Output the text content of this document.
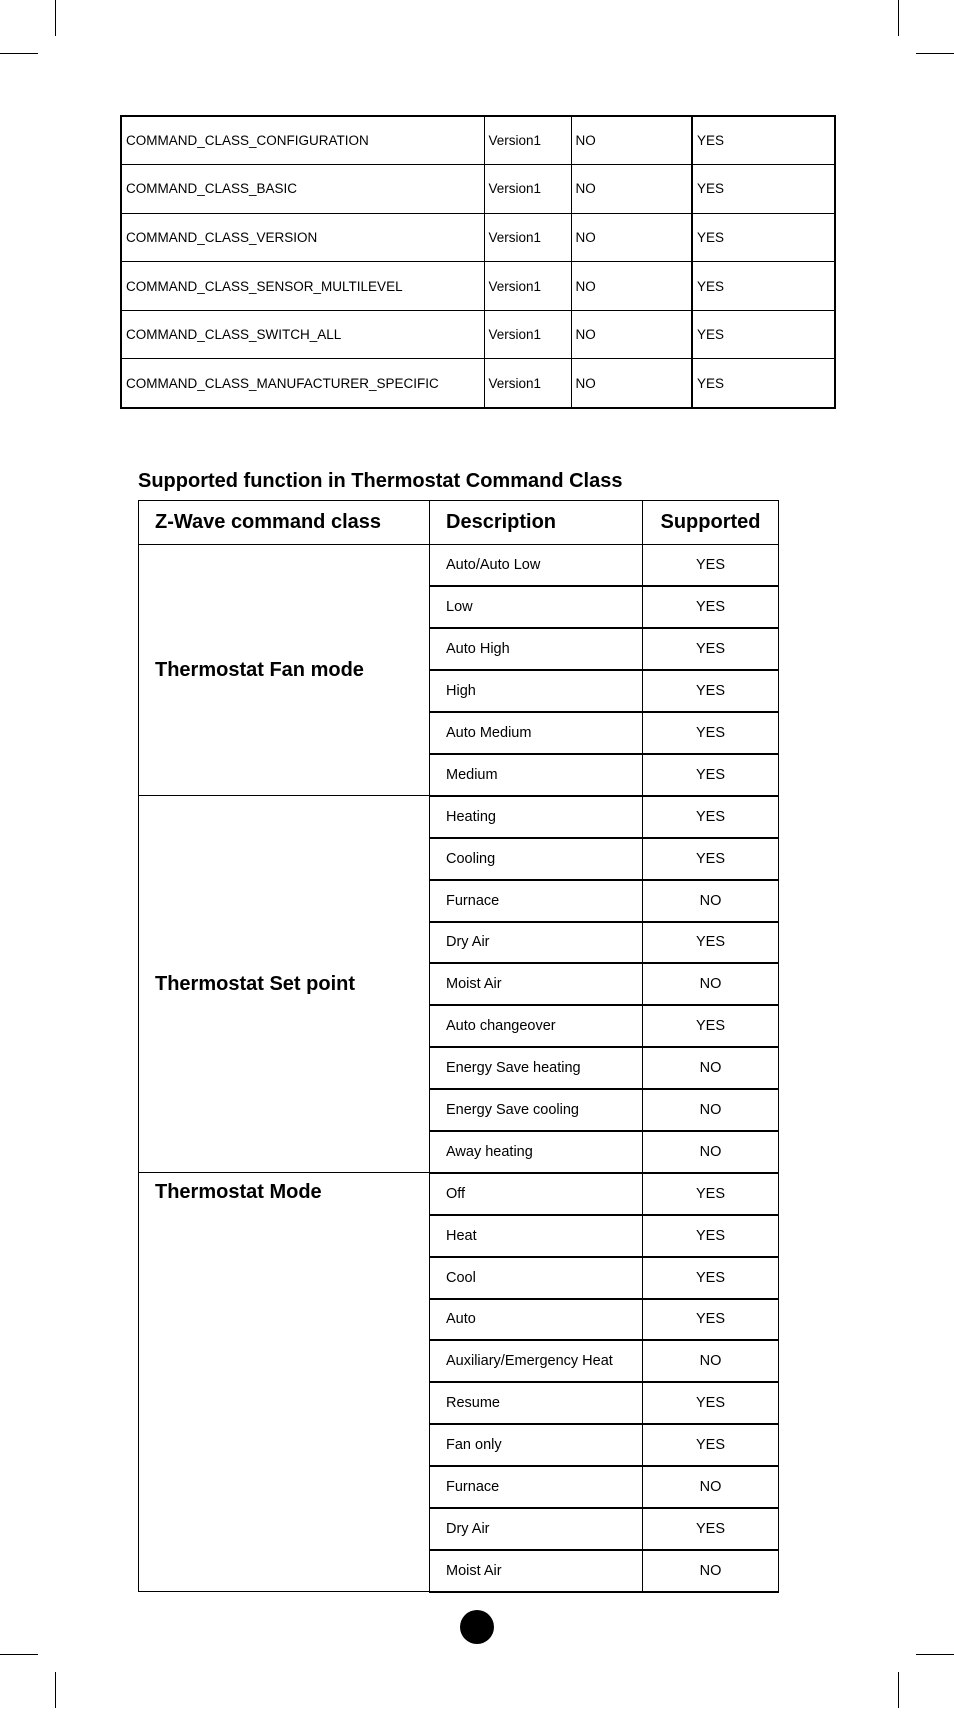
COMMAND_CLASS_CONFIGURATION	Version1	NO	YES
COMMAND_CLASS_BASIC	Version1	NO	YES
COMMAND_CLASS_VERSION	Version1	NO	YES
COMMAND_CLASS_SENSOR_MULTILEVEL	Version1	NO	YES
COMMAND_CLASS_SWITCH_ALL	Version1	NO	YES
COMMAND_CLASS_MANUFACTURER_SPECIFIC	Version1	NO	YES
Supported function in Thermostat Command Class
Z-Wave command class	Description	Supported
Thermostat Fan mode	Auto/Auto Low	YES
	Low	YES
	Auto High	YES
	High	YES
	Auto Medium	YES
	Medium	YES
Thermostat Set point	Heating	YES
	Cooling	YES
	Furnace	NO
	Dry Air	YES
	Moist Air	NO
	Auto changeover	YES
	Energy Save heating	NO
	Energy Save cooling	NO
	Away heating	NO
Thermostat Mode	Off	YES
	Heat	YES
	Cool	YES
	Auto	YES
	Auxiliary/Emergency Heat	NO
	Resume	YES
	Fan only	YES
	Furnace	NO
	Dry Air	YES
	Moist Air	NO
